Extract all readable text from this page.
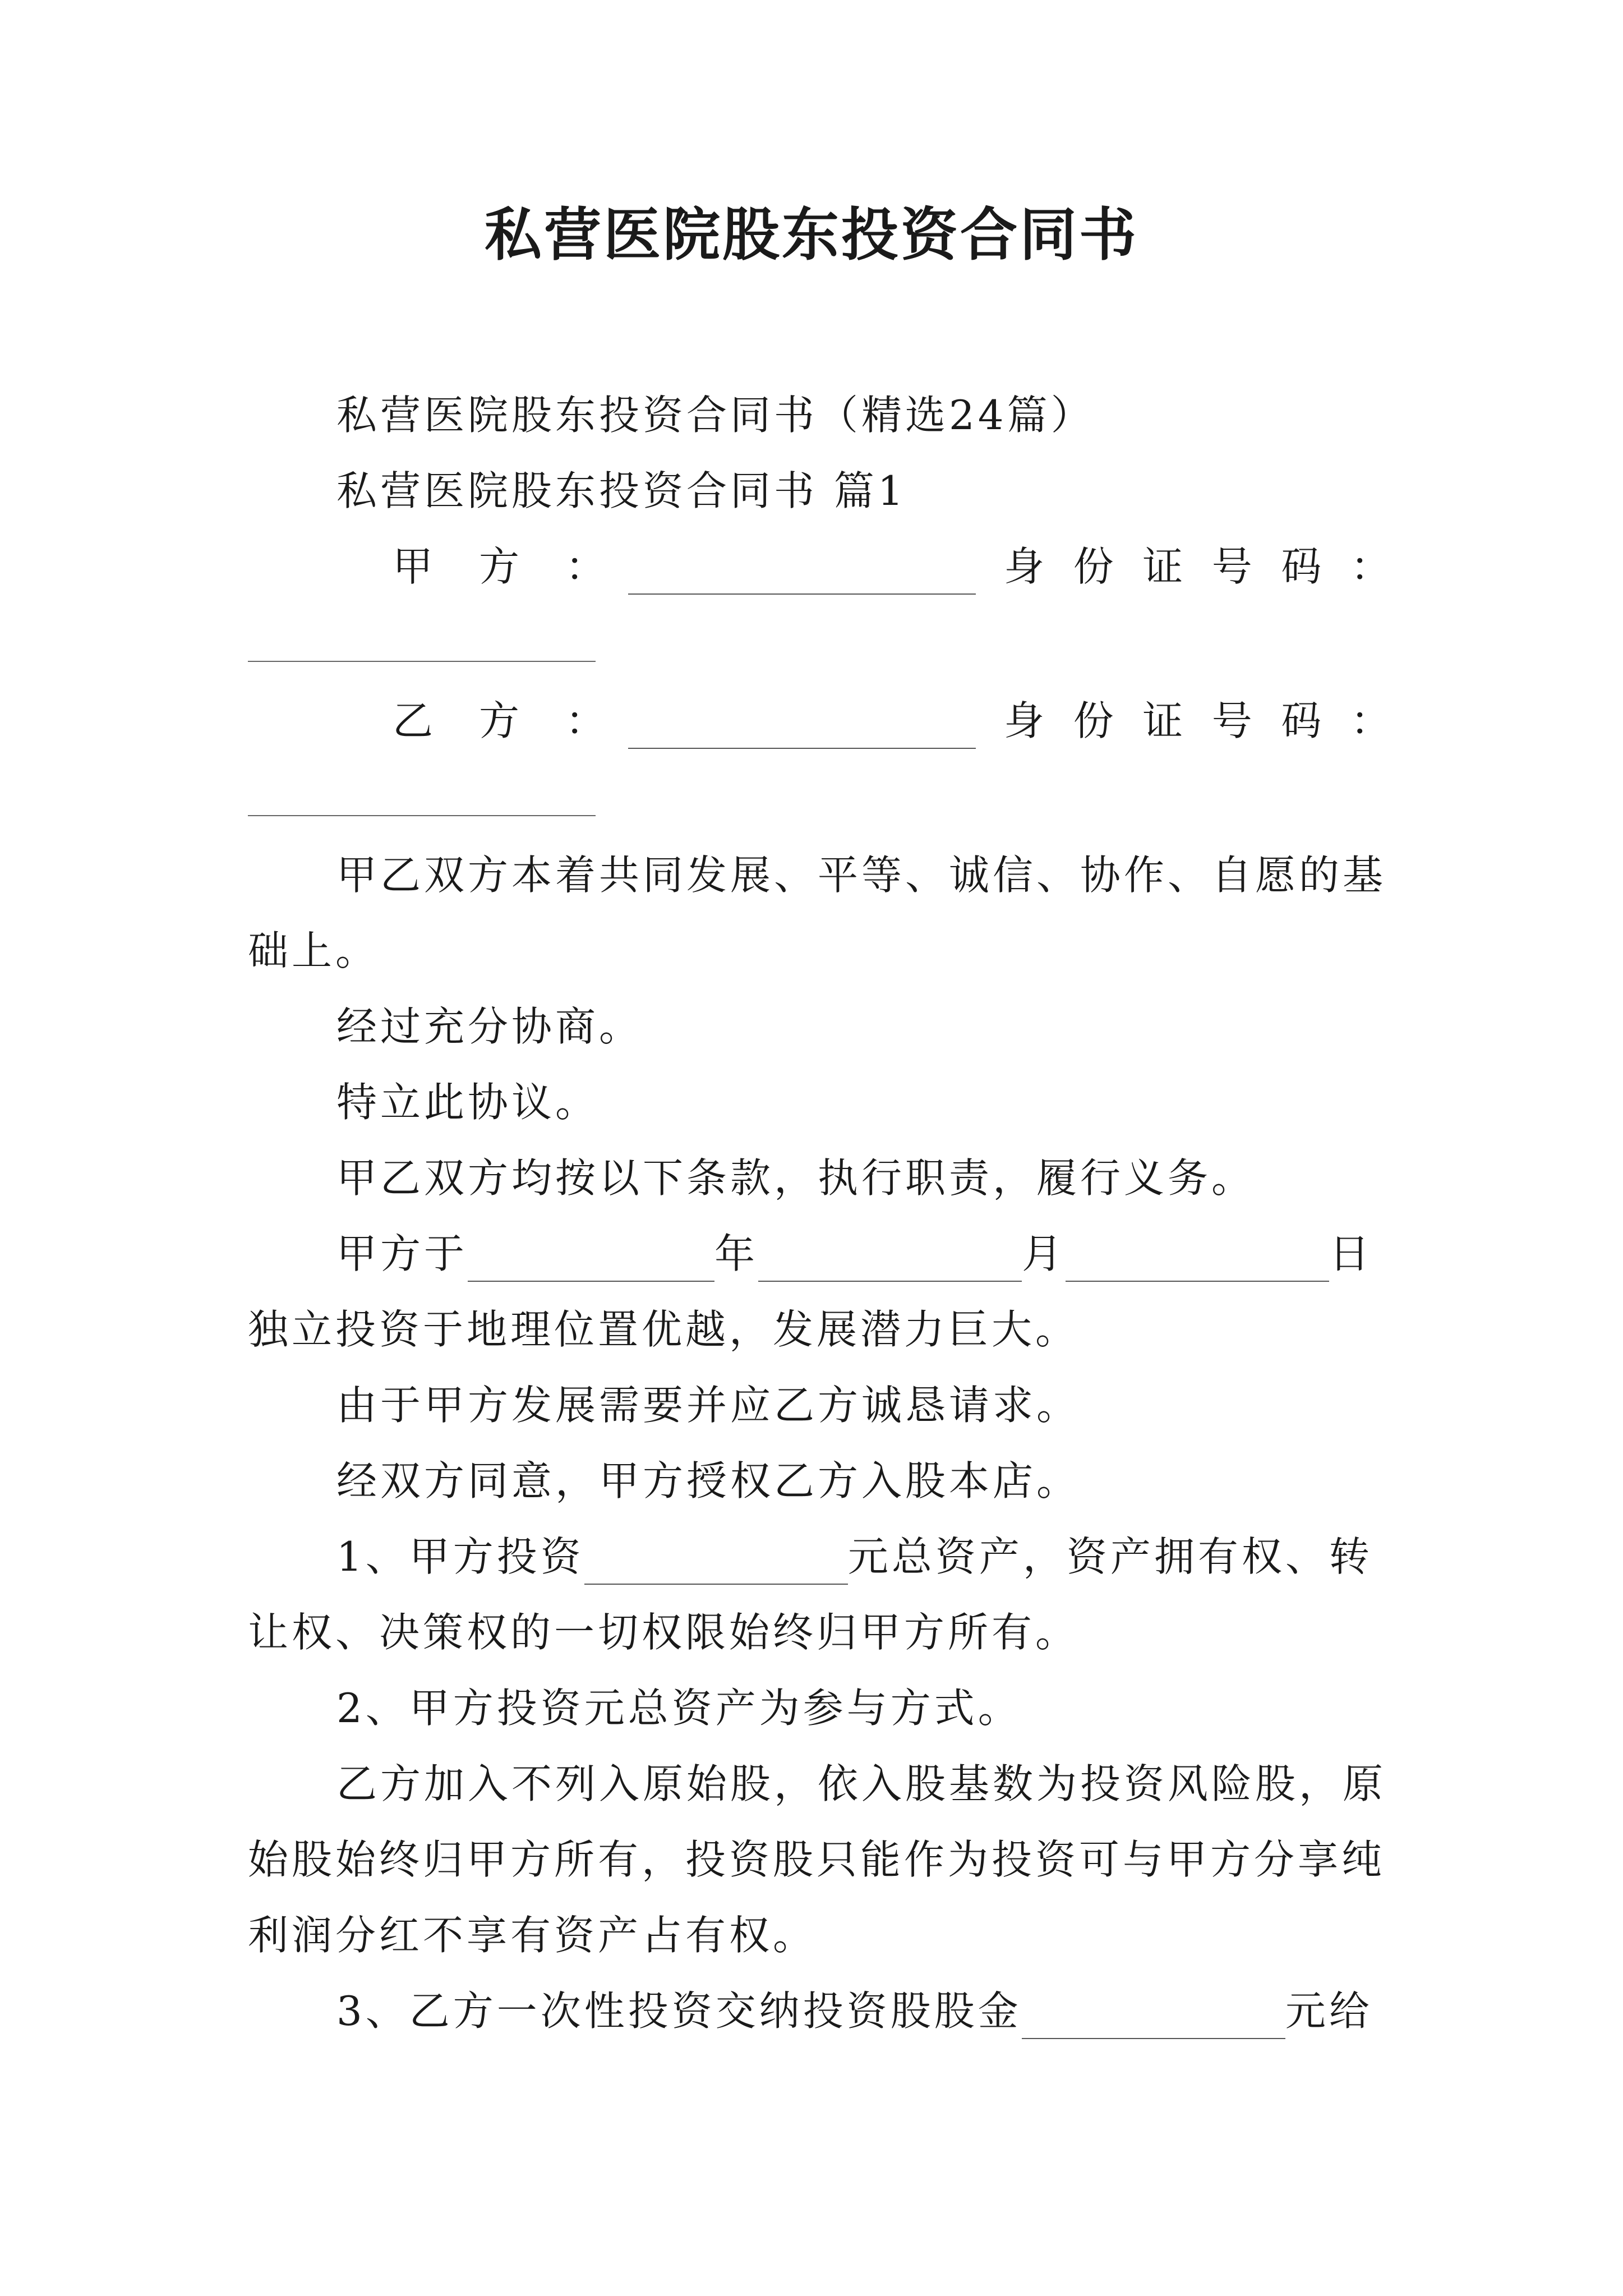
私营医院股东投资合同书
私营医院股东投资合同书（精选24篇）
私营医院股东投资合同书 篇1
甲 方 ：	身 份 证 号 码 ：
乙 方 ：	身 份 证 号 码 ：
甲乙双方本着共同发展、平等、诚信、协作、自愿的基
础上。
经过充分协商。
特立此协议。
甲乙双方均按以下条款，执行职责，履行义务。
甲方于	年	月	日
独立投资于地理位置优越，发展潜力巨大。
由于甲方发展需要并应乙方诚恳请求。
经双方同意，甲方授权乙方入股本店。
1、甲方投资	元总资产，资产拥有权、转
让权、决策权的一切权限始终归甲方所有。
2、甲方投资元总资产为参与方式。
乙方加入不列入原始股，依入股基数为投资风险股，原
始股始终归甲方所有，投资股只能作为投资可与甲方分享纯
利润分红不享有资产占有权。
3、乙方一次性投资交纳投资股股金	元给
